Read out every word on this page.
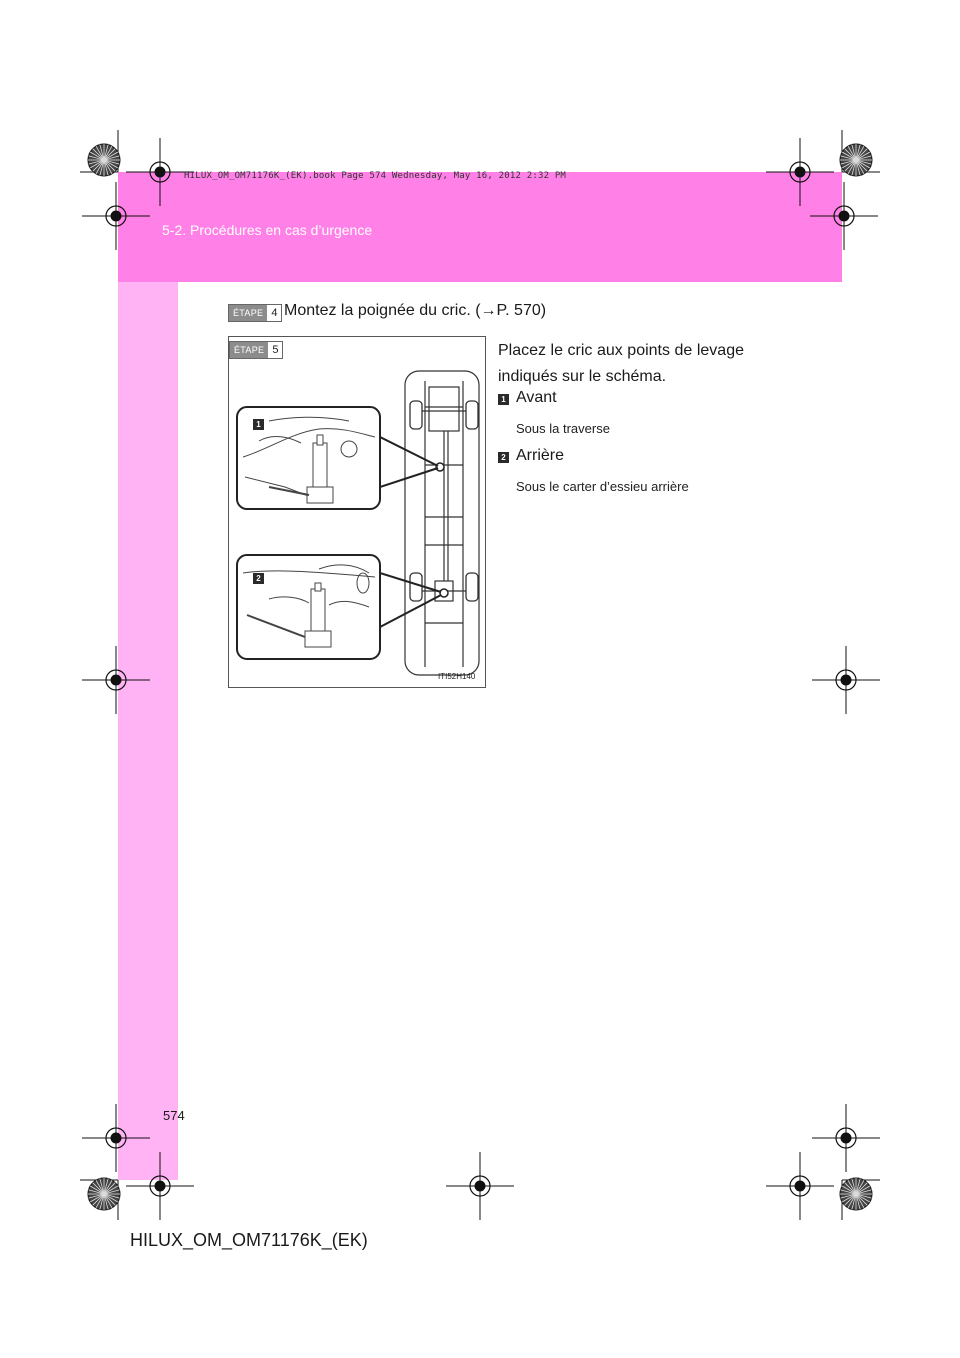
5-2. Procédures en cas d’urgence
HILUX_OM_OM71176K_(EK).book Page 574 Wednesday, May 16, 2012 2:32 PM
ÉTAPE 4 Montez la poignée du cric. (→P. 570)
ÉTAPE 5
1
2
ITI52H140
Placez le cric aux points de levage indiqués sur le schéma.
1 Avant
Sous la traverse
2 Arrière
Sous le carter d’essieu arrière
574
HILUX_OM_OM71176K_(EK)
